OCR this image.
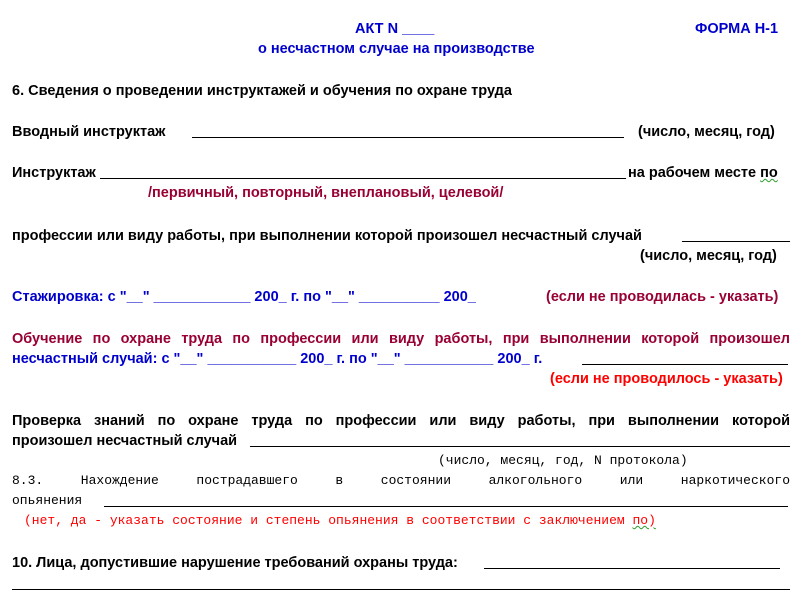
АКТ N ____	ФОРМА Н-1
о несчастном случае на производстве
6. Сведения о проведении инструктажей и обучения по охране труда
Вводный инструктаж	(число, месяц, год)
Инструктаж	на рабочем месте по
/первичный, повторный, внеплановый, целевой/
профессии или виду работы, при выполнении которой произошел несчастный случай
(число, месяц, год)
Стажировка: с "__" ____________ 200_ г. по "__" __________ 200_	(если не проводилась - указать)
Обучение по охране труда по профессии или виду работы, при выполнении которой произошел
несчастный случай: с "__" ___________ 200_ г. по "__" ___________ 200_ г.
(если не проводилось - указать)
Проверка знаний по охране труда по профессии или виду работы, при выполнении которой
произошел несчастный случай
(число, месяц, год, N протокола)
8.3. Нахождение пострадавшего в состоянии алкогольного или наркотического
опьянения
(нет, да - указать состояние и степень опьянения в соответствии с заключением по)
10. Лица, допустившие нарушение требований охраны труда:
